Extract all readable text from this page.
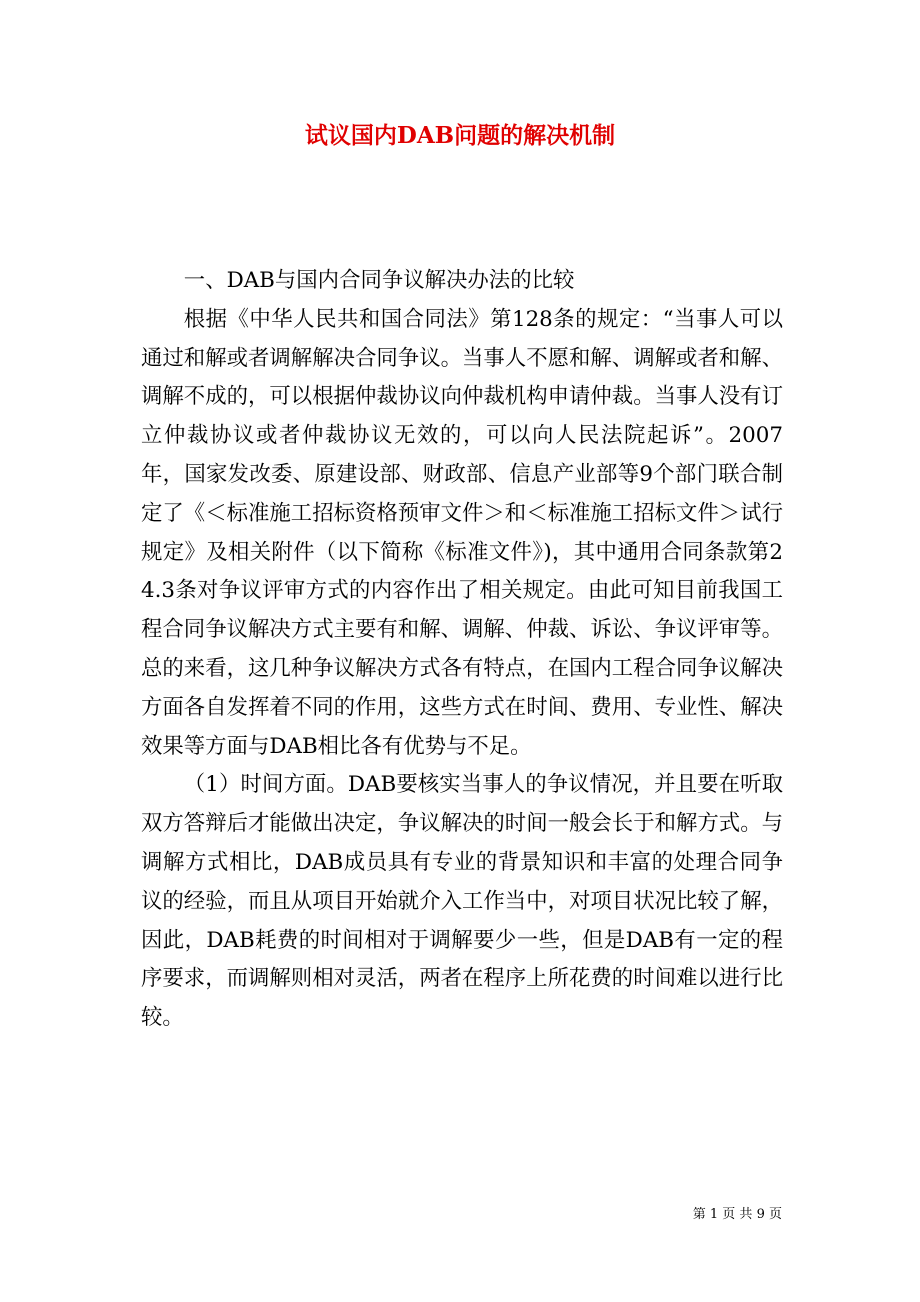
试议国内DAB问题的解决机制

一、DAB与国内合同争议解决办法的比较

根据《中华人民共和国合同法》第128条的规定：“当事人可以通过和解或者调解解决合同争议。当事人不愿和解、调解或者和解、调解不成的，可以根据仲裁协议向仲裁机构申请仲裁。当事人没有订立仲裁协议或者仲裁协议无效的，可以向人民法院起诉”。2007年，国家发改委、原建设部、财政部、信息产业部等9个部门联合制定了《＜标准施工招标资格预审文件＞和＜标准施工招标文件＞试行规定》及相关附件（以下简称《标准文件》)，其中通用合同条款第24.3条对争议评审方式的内容作出了相关规定。由此可知目前我国工程合同争议解决方式主要有和解、调解、仲裁、诉讼、争议评审等。总的来看，这几种争议解决方式各有特点，在国内工程合同争议解决方面各自发挥着不同的作用，这些方式在时间、费用、专业性、解决效果等方面与DAB相比各有优势与不足。

（1）时间方面。DAB要核实当事人的争议情况，并且要在听取双方答辩后才能做出决定，争议解决的时间一般会长于和解方式。与调解方式相比，DAB成员具有专业的背景知识和丰富的处理合同争议的经验，而且从项目开始就介入工作当中，对项目状况比较了解，因此，DAB耗费的时间相对于调解要少一些，但是DAB有一定的程序要求，而调解则相对灵活，两者在程序上所花费的时间难以进行比较。

第 1 页 共 9 页
